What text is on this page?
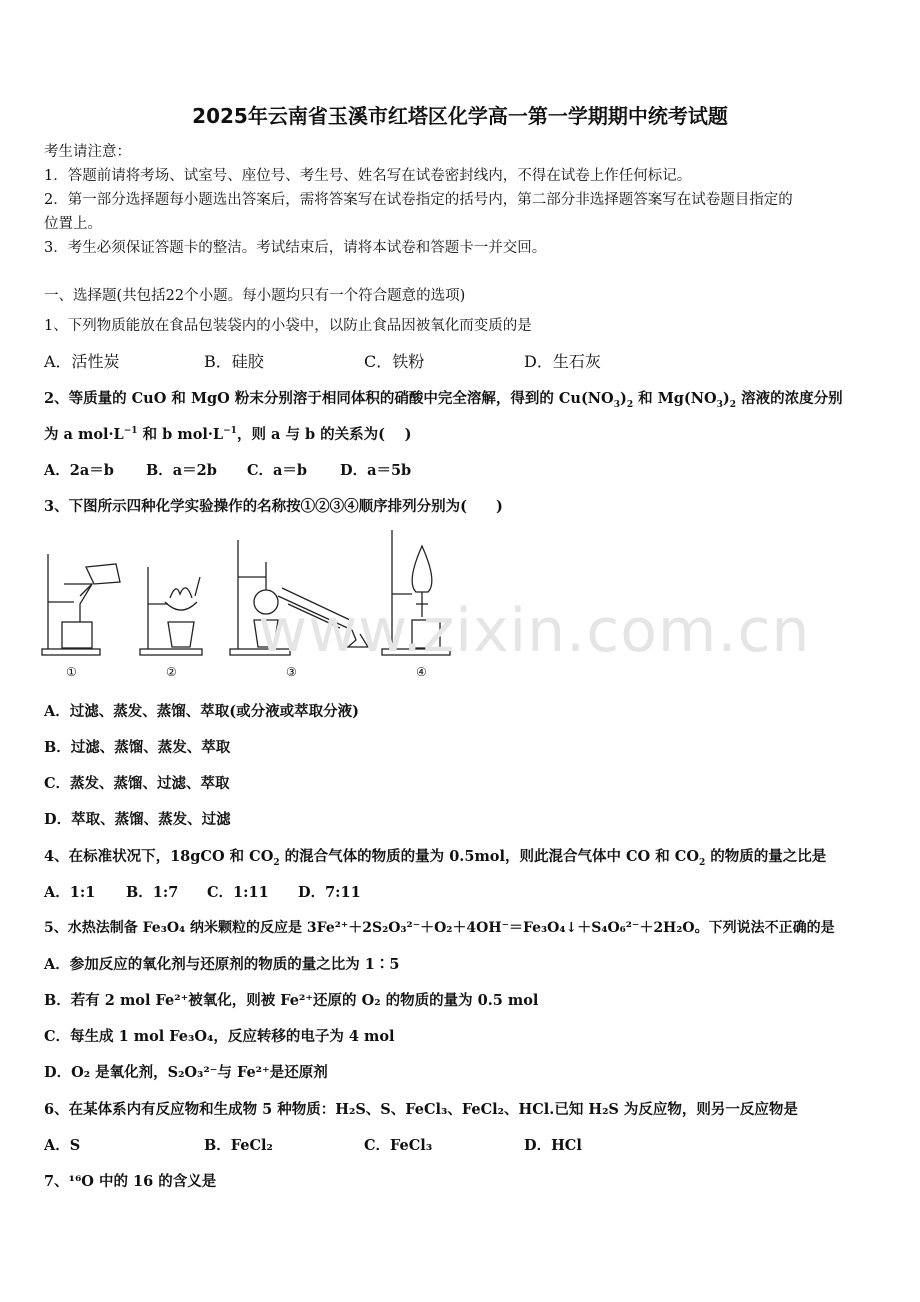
2025年云南省玉溪市红塔区化学高一第一学期期中统考试题
考生请注意：
1．答题前请将考场、试室号、座位号、考生号、姓名写在试卷密封线内，不得在试卷上作任何标记。
2．第一部分选择题每小题选出答案后，需将答案写在试卷指定的括号内，第二部分非选择题答案写在试卷题目指定的
位置上。
3．考生必须保证答题卡的整洁。考试结束后，请将本试卷和答题卡一并交回。
一、选择题(共包括22个小题。每小题均只有一个符合题意的选项)
1、下列物质能放在食品包装袋内的小袋中，以防止食品因被氧化而变质的是
A．活性炭	B．硅胶	C．铁粉	D．生石灰
2、等质量的 CuO 和 MgO 粉末分别溶于相同体积的硝酸中完全溶解，得到的 $Cu(NO_3)_2$ 和 $Mg(NO_3)_2$ 溶液的浓度分别
为 a $mol\cdot L^{-1}$ 和 b $mol\cdot L^{-1}$，则 a 与 b 的关系为(　 )
A．2a＝b B．a＝2b C．a＝b D．a＝5b
3、下图所示四种化学实验操作的名称按①②③④顺序排列分别为(　　)
www.zixin.com.cn
①	②	③	④
A．过滤、蒸发、蒸馏、萃取(或分液或萃取分液)
B．过滤、蒸馏、蒸发、萃取
C．蒸发、蒸馏、过滤、萃取
D．萃取、蒸馏、蒸发、过滤
4、在标准状况下，18gCO 和 $CO_2$ 的混合气体的物质的量为 0.5mol，则此混合气体中 CO 和 $CO_2$ 的物质的量之比是
A．1:1 B．1:7 C．1:11 D．7:11
5、水热法制备 Fe₃O₄ 纳米颗粒的反应是 3Fe²⁺＋2S₂O₃²⁻＋O₂＋4OH⁻＝Fe₃O₄↓＋S₄O₆²⁻＋2H₂O。下列说法不正确的是
A．参加反应的氧化剂与还原剂的物质的量之比为 1∶5
B．若有 2 mol Fe²⁺被氧化，则被 Fe²⁺还原的 O₂ 的物质的量为 0.5 mol
C．每生成 1 mol Fe₃O₄，反应转移的电子为 4 mol
D．O₂ 是氧化剂，S₂O₃²⁻与 Fe²⁺是还原剂
6、在某体系内有反应物和生成物 5 种物质：H₂S、S、FeCl₃、FeCl₂、HCl.已知 H₂S 为反应物，则另一反应物是
A．S	B．FeCl₂	C．FeCl₃	D．HCl
7、¹⁶O 中的 16 的含义是
